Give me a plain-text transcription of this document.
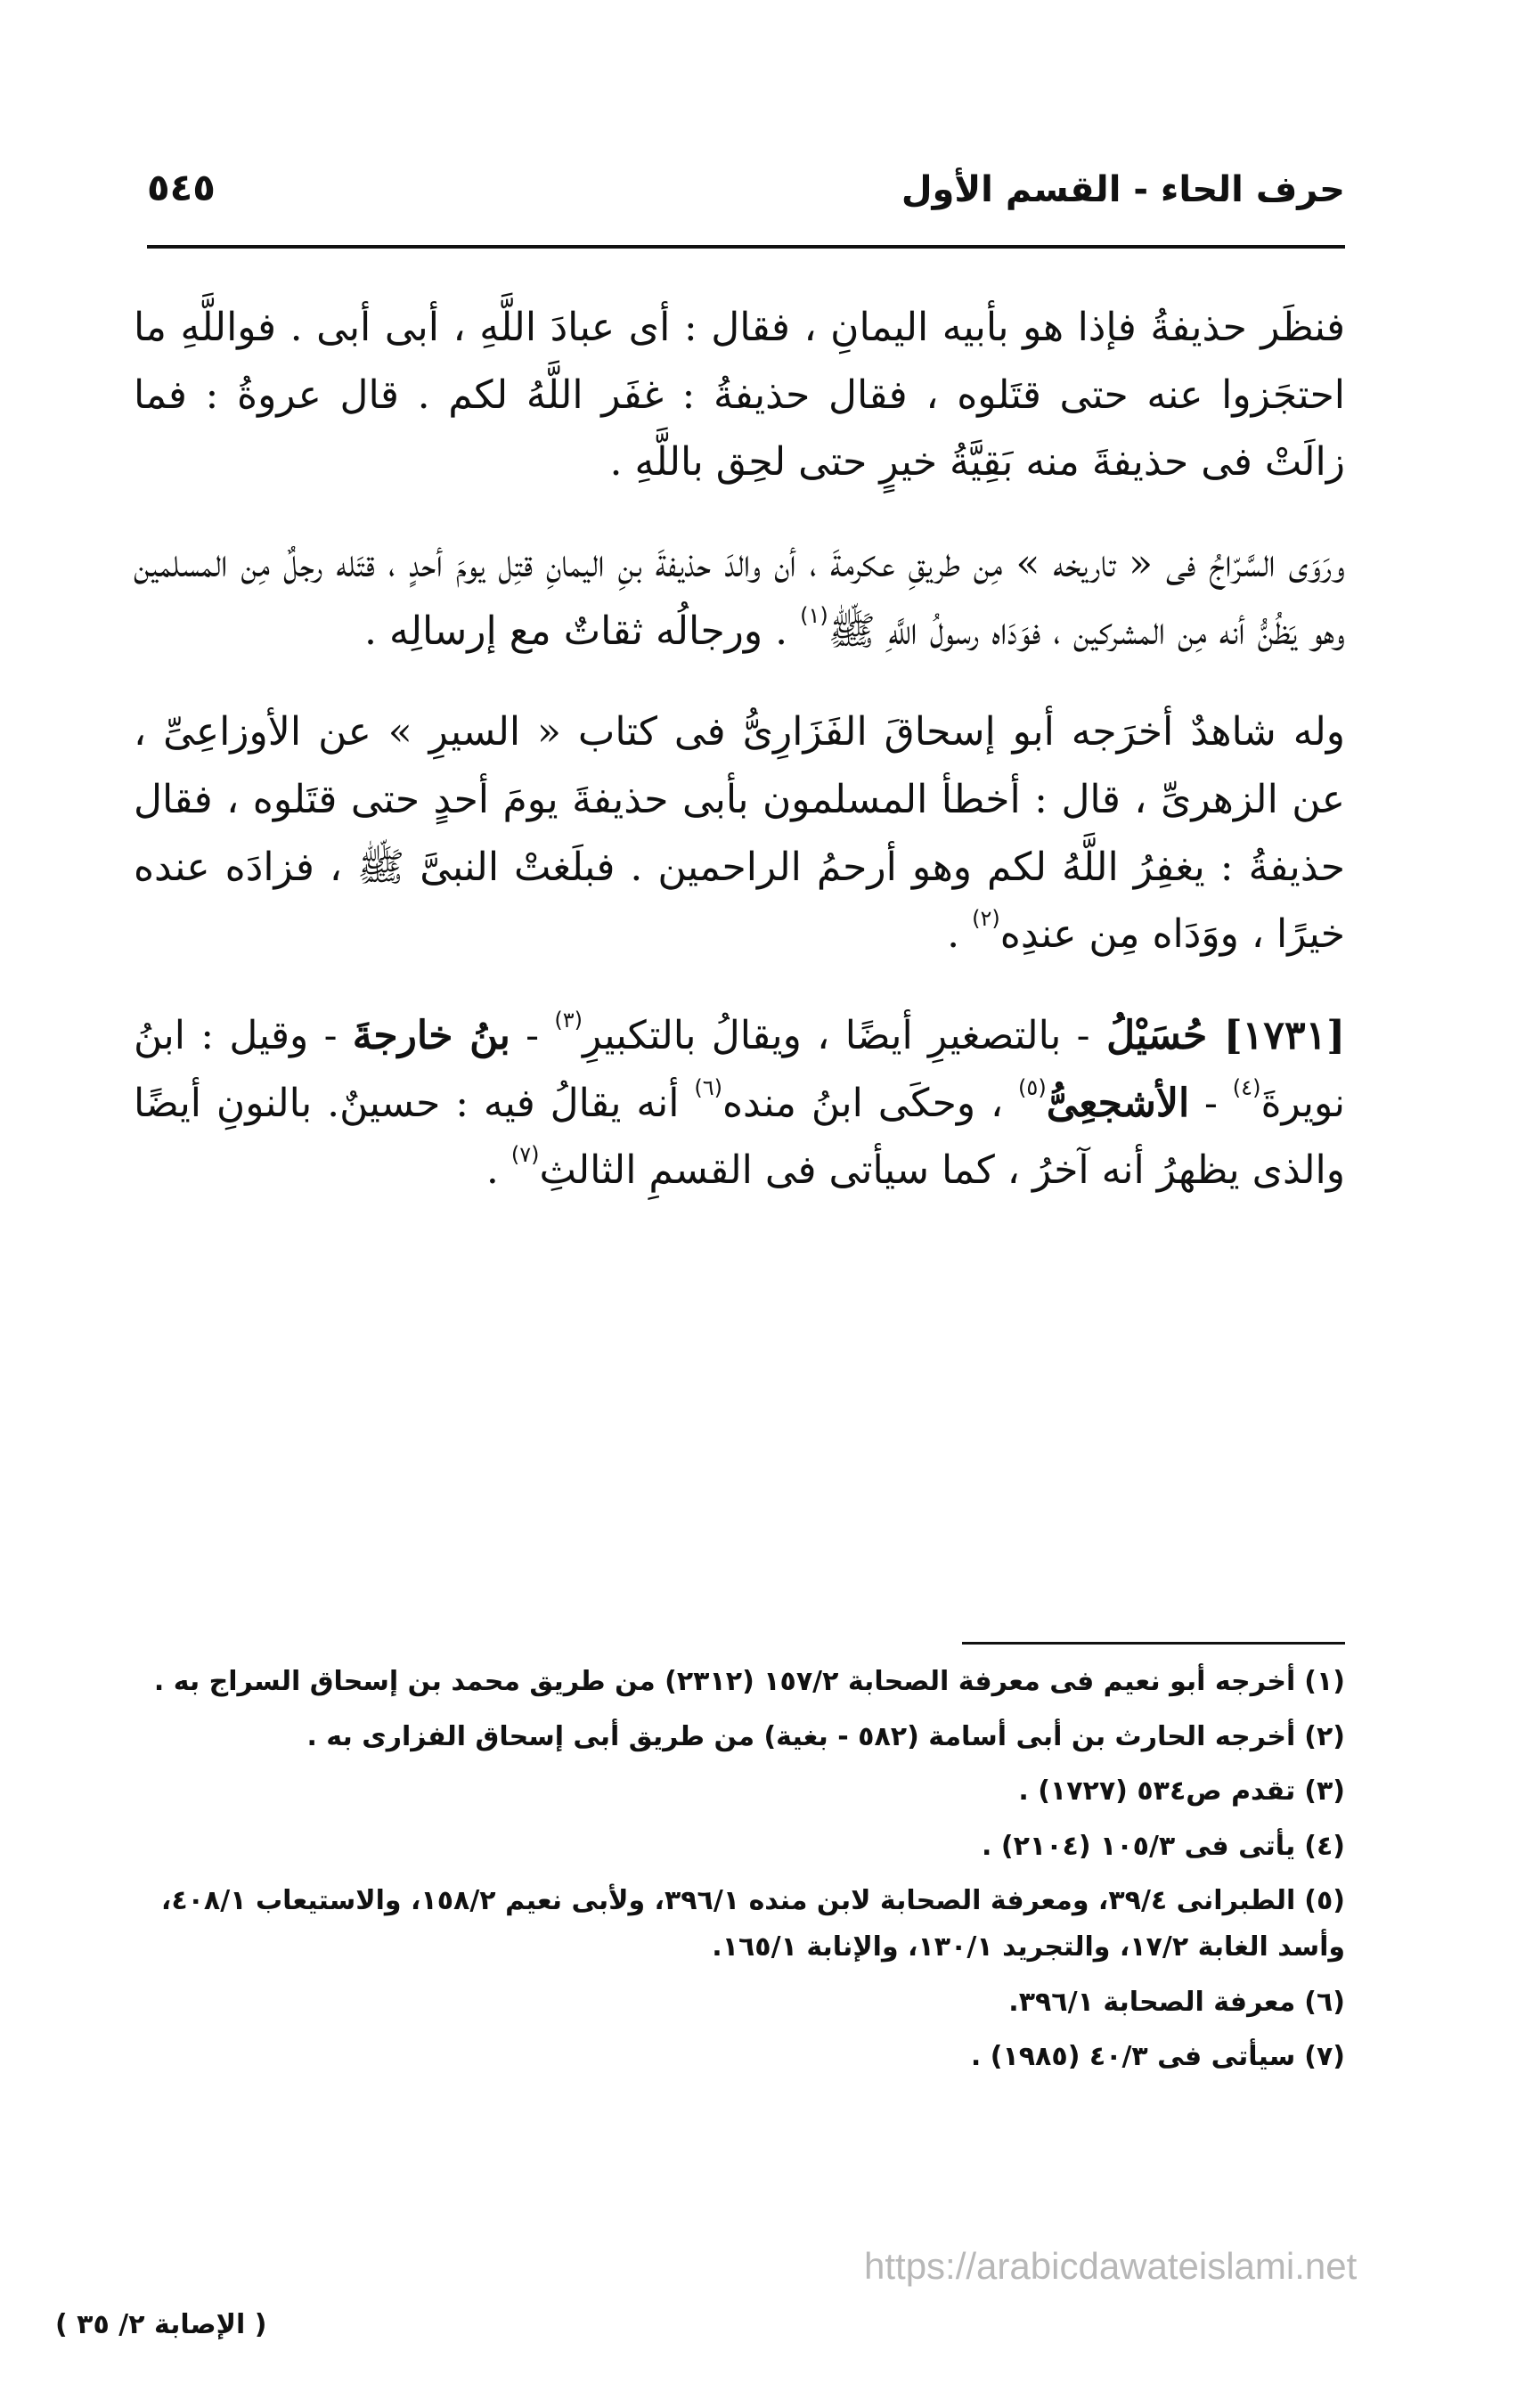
حرف الحاء - القسم الأول
٥٤٥

فنظَر حذيفةُ فإذا هو بأبيه اليمانِ ، فقال : أى عبادَ اللَّهِ ، أبى أبى . فواللَّهِ ما احتجَزوا عنه حتى قتَلوه ، فقال حذيفةُ : غفَر اللَّهُ لكم . قال عروةُ : فما زالَتْ فى حذيفةَ منه بَقِيَّةُ خيرٍ حتى لحِق باللَّهِ .

ورَوَى السَّرّاجُ فى « تاريخه » مِن طريقِ عكرمةَ ، أن والدَ حذيفةَ بنِ اليمانِ قتِل يومَ أحدٍ ، قتَله رجلٌ مِن المسلمين وهو يَظُنُّ أنه مِن المشركين ، فوَدَاه رسولُ اللَّهِ ﷺ$^{(١)}$ . ورجالُه ثقاتٌ مع إرسالِه .

وله شاهدٌ أخرَجه أبو إسحاقَ الفَزَارِىُّ فى كتاب « السيرِ » عن الأوزاعِىِّ ، عن الزهرىِّ ، قال : أخطأ المسلمون بأبى حذيفةَ يومَ أحدٍ حتى قتَلوه ، فقال حذيفةُ : يغفِرُ اللَّهُ لكم وهو أرحمُ الراحمين . فبلَغتْ النبىَّ ﷺ ، فزادَه عنده خيرًا ، ووَدَاه مِن عندِه$^{(٢)}$ .

[١٧٣١] حُسَيْلُ - بالتصغيرِ أيضًا ، ويقالُ بالتكبيرِ$^{(٣)}$ - بنُ خارجةَ - وقيل : ابنُ نويرةَ$^{(٤)}$ - الأشجعِىُّ$^{(٥)}$ ، وحكَى ابنُ منده$^{(٦)}$ أنه يقالُ فيه : حسينٌ. بالنونِ أيضًا والذى يظهرُ أنه آخرُ ، كما سيأتى فى القسمِ الثالثِ$^{(٧)}$ .

(١)أخرجه أبو نعيم فى معرفة الصحابة ١٥٧/٢ (٢٣١٢) من طريق محمد بن إسحاق السراج به .
(٢)أخرجه الحارث بن أبى أسامة (٥٨٢ - بغية) من طريق أبى إسحاق الفزارى به .
(٣)تقدم ص٥٣٤ (١٧٢٧) .
(٤)يأتى فى ١٠٥/٣ (٢١٠٤) .
(٥)الطبرانى ٣٩/٤، ومعرفة الصحابة لابن منده ٣٩٦/١، ولأبى نعيم ١٥٨/٢، والاستيعاب ٤٠٨/١، وأسد الغابة ١٧/٢، والتجريد ١٣٠/١، والإنابة ١٦٥/١.
(٦)معرفة الصحابة ٣٩٦/١.
(٧)سيأتى فى ٤٠/٣ (١٩٨٥) .
https://arabicdawateislami.net
( الإصابة ٢/ ٣٥ )
